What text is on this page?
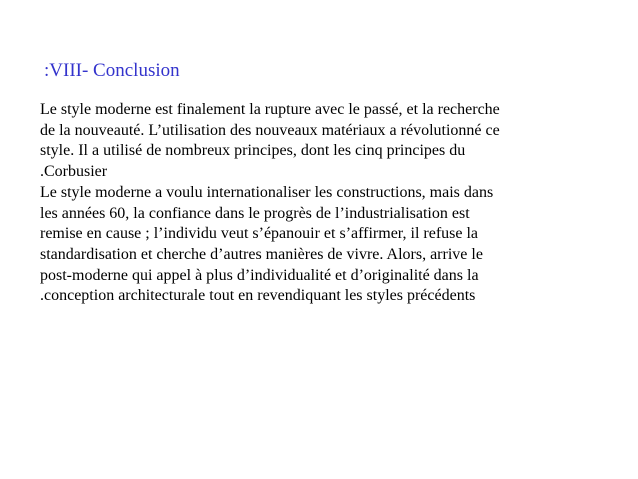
:VIII- Conclusion
Le style moderne est finalement la rupture avec le passé, et la recherche
de la nouveauté. L’utilisation des nouveaux matériaux a révolutionné ce
style. Il a utilisé de nombreux principes, dont les cinq principes du
.Corbusier
Le style moderne a voulu internationaliser les constructions, mais dans
les années 60, la confiance dans le progrès de l’industrialisation est
remise en cause ; l’individu veut s’épanouir et s’affirmer, il refuse la
standardisation et cherche d’autres manières de vivre. Alors, arrive le
post-moderne qui appel à plus d’individualité et d’originalité dans la
.conception architecturale tout en revendiquant les styles précédents
